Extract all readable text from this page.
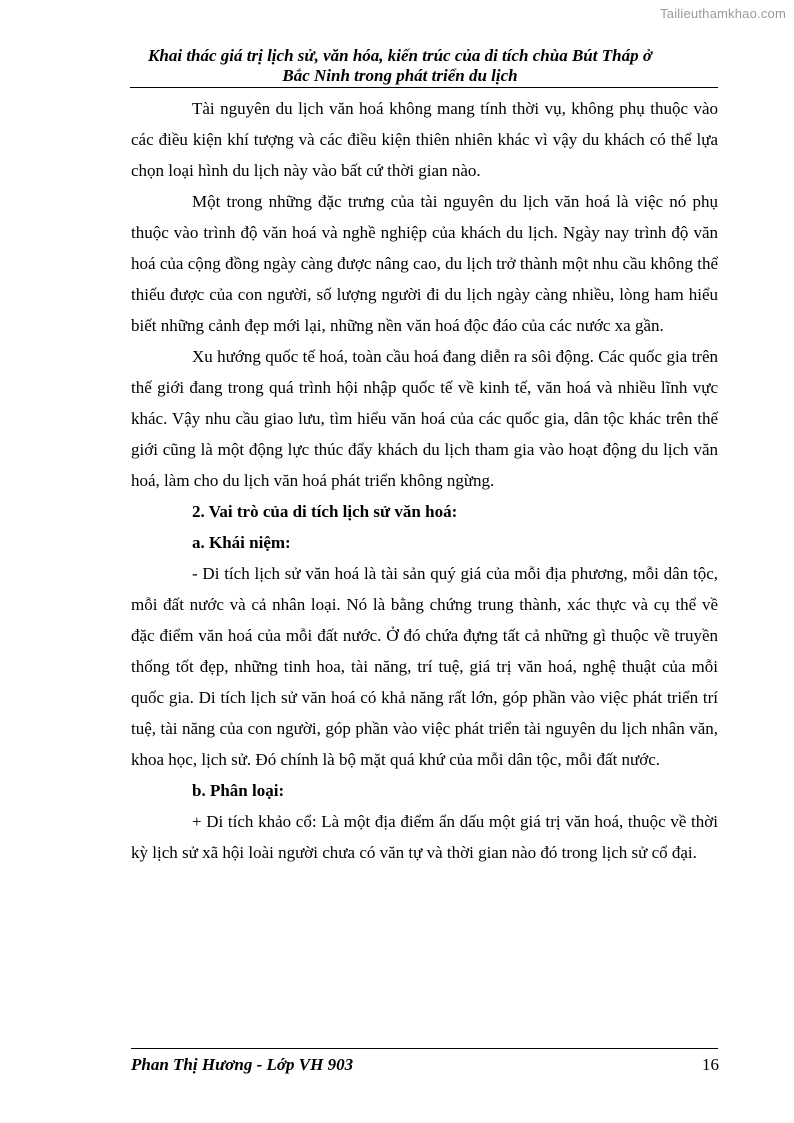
Tailieuthamkhao.com
Khai thác giá trị lịch sử, văn hóa, kiến trúc của di tích chùa Bút Tháp ở
Bắc Ninh trong phát triển du lịch

Tài nguyên du lịch văn hoá không mang tính thời vụ, không phụ thuộc vào các điều kiện khí tượng và các điều kiện thiên nhiên khác vì vậy du khách có thể lựa chọn loại hình du lịch này vào bất cứ thời gian nào.

Một trong những đặc trưng của tài nguyên du lịch văn hoá là việc nó phụ thuộc vào trình độ văn hoá và nghề nghiệp của khách du lịch. Ngày nay trình độ văn hoá của cộng đồng ngày càng được nâng cao, du lịch trở thành một nhu cầu không thể thiếu được của con người, số lượng người đi du lịch ngày càng nhiều, lòng ham hiểu biết những cảnh đẹp mới lại, những nền văn hoá độc đáo của các nước xa gần.

Xu hướng quốc tế hoá, toàn cầu hoá đang diễn ra sôi động. Các quốc gia trên thế giới đang trong quá trình hội nhập quốc tế về kinh tế, văn hoá và nhiều lĩnh vực khác. Vậy nhu cầu giao lưu, tìm hiểu văn hoá của các quốc gia, dân tộc khác trên thế giới cũng là một động lực thúc đẩy khách du lịch tham gia vào hoạt động du lịch văn hoá, làm cho du lịch văn hoá phát triển không ngừng.

2. Vai trò của di tích lịch sử văn hoá:

a. Khái niệm:

- Di tích lịch sử văn hoá là tài sản quý giá của mỗi địa phương, mỗi dân tộc, mỗi đất nước và cả nhân loại. Nó là bằng chứng trung thành, xác thực và cụ thể về đặc điểm văn hoá của mỗi đất nước. Ở đó chứa đựng tất cả những gì thuộc về truyền thống tốt đẹp, những tinh hoa, tài năng, trí tuệ, giá trị văn hoá, nghệ thuật của mỗi quốc gia. Di tích lịch sử văn hoá có khả năng rất lớn, góp phần vào việc phát triển trí tuệ, tài năng của con người, góp phần vào việc phát triển tài nguyên du lịch nhân văn, khoa học, lịch sử. Đó chính là bộ mặt quá khứ của mỗi dân tộc, mỗi đất nước.

b. Phân loại:

+ Di tích khảo cổ: Là một địa điểm ẩn dấu một giá trị văn hoá, thuộc về thời kỳ lịch sử xã hội loài người chưa có văn tự và thời gian nào đó trong lịch sử cổ đại.

Phan Thị Hương - Lớp VH 903	16
